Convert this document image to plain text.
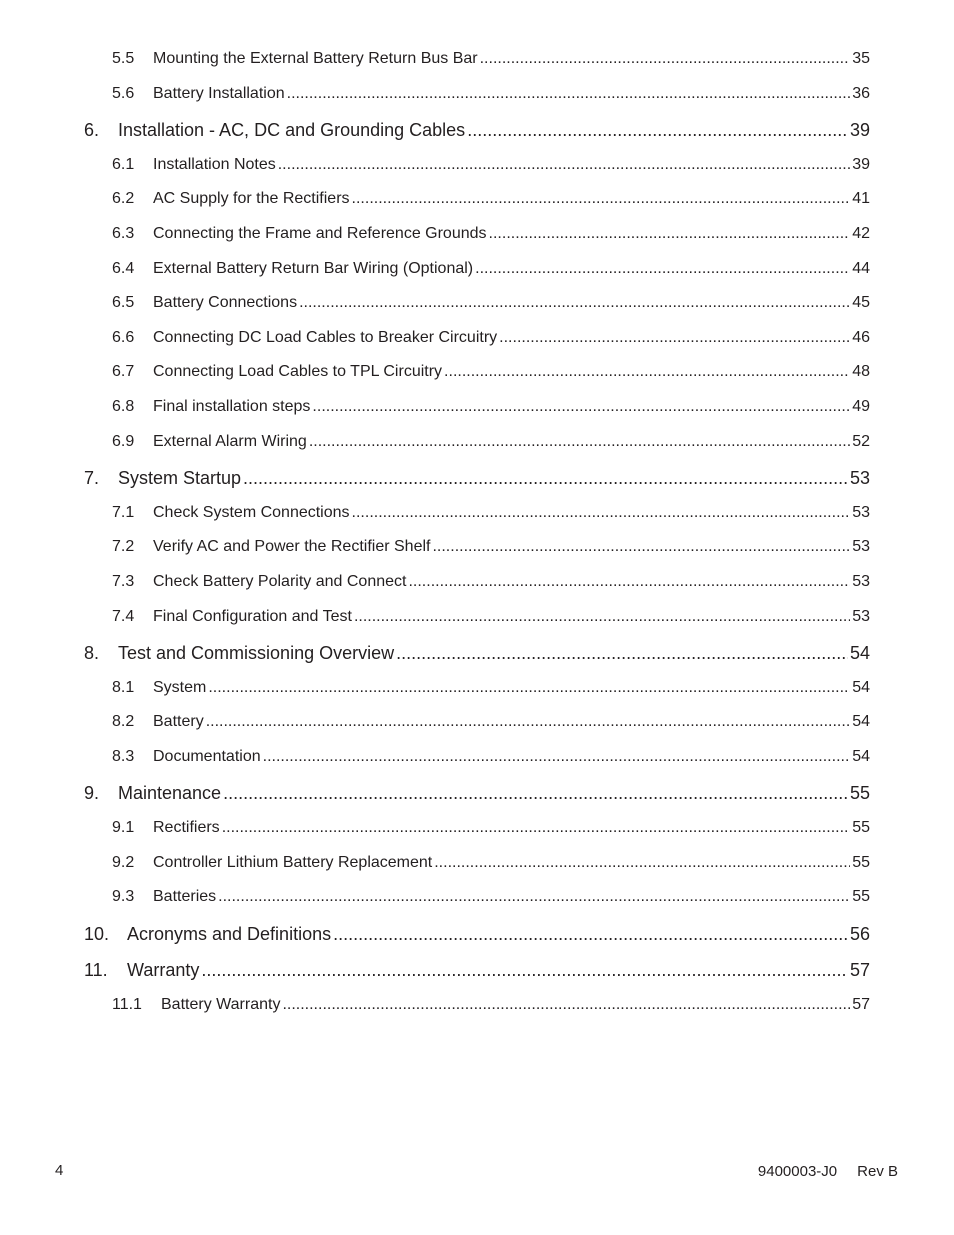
5.5	Mounting the External Battery Return Bus Bar .....	35
5.6	Battery Installation .....	36
6.	Installation - AC, DC and Grounding Cables .....	39
6.1	Installation Notes .....	39
6.2	AC Supply for the Rectifiers .....	41
6.3	Connecting the Frame and Reference Grounds .....	42
6.4	External Battery Return Bar Wiring (Optional) .....	44
6.5	Battery Connections .....	45
6.6	Connecting DC Load Cables to Breaker Circuitry .....	46
6.7	Connecting Load Cables to TPL Circuitry .....	48
6.8	Final installation steps .....	49
6.9	External Alarm Wiring .....	52
7.	System Startup .....	53
7.1	Check System Connections .....	53
7.2	Verify AC and Power the Rectifier Shelf .....	53
7.3	Check Battery Polarity and Connect .....	53
7.4	Final Configuration and Test .....	53
8.	Test and Commissioning Overview .....	54
8.1	System .....	54
8.2	Battery .....	54
8.3	Documentation .....	54
9.	Maintenance .....	55
9.1	Rectifiers .....	55
9.2	Controller Lithium Battery Replacement .....	55
9.3	Batteries .....	55
10. Acronyms and Definitions .....	56
11.	Warranty .....	57
11.1	Battery Warranty .....	57
4	9400003-J0 Rev B
